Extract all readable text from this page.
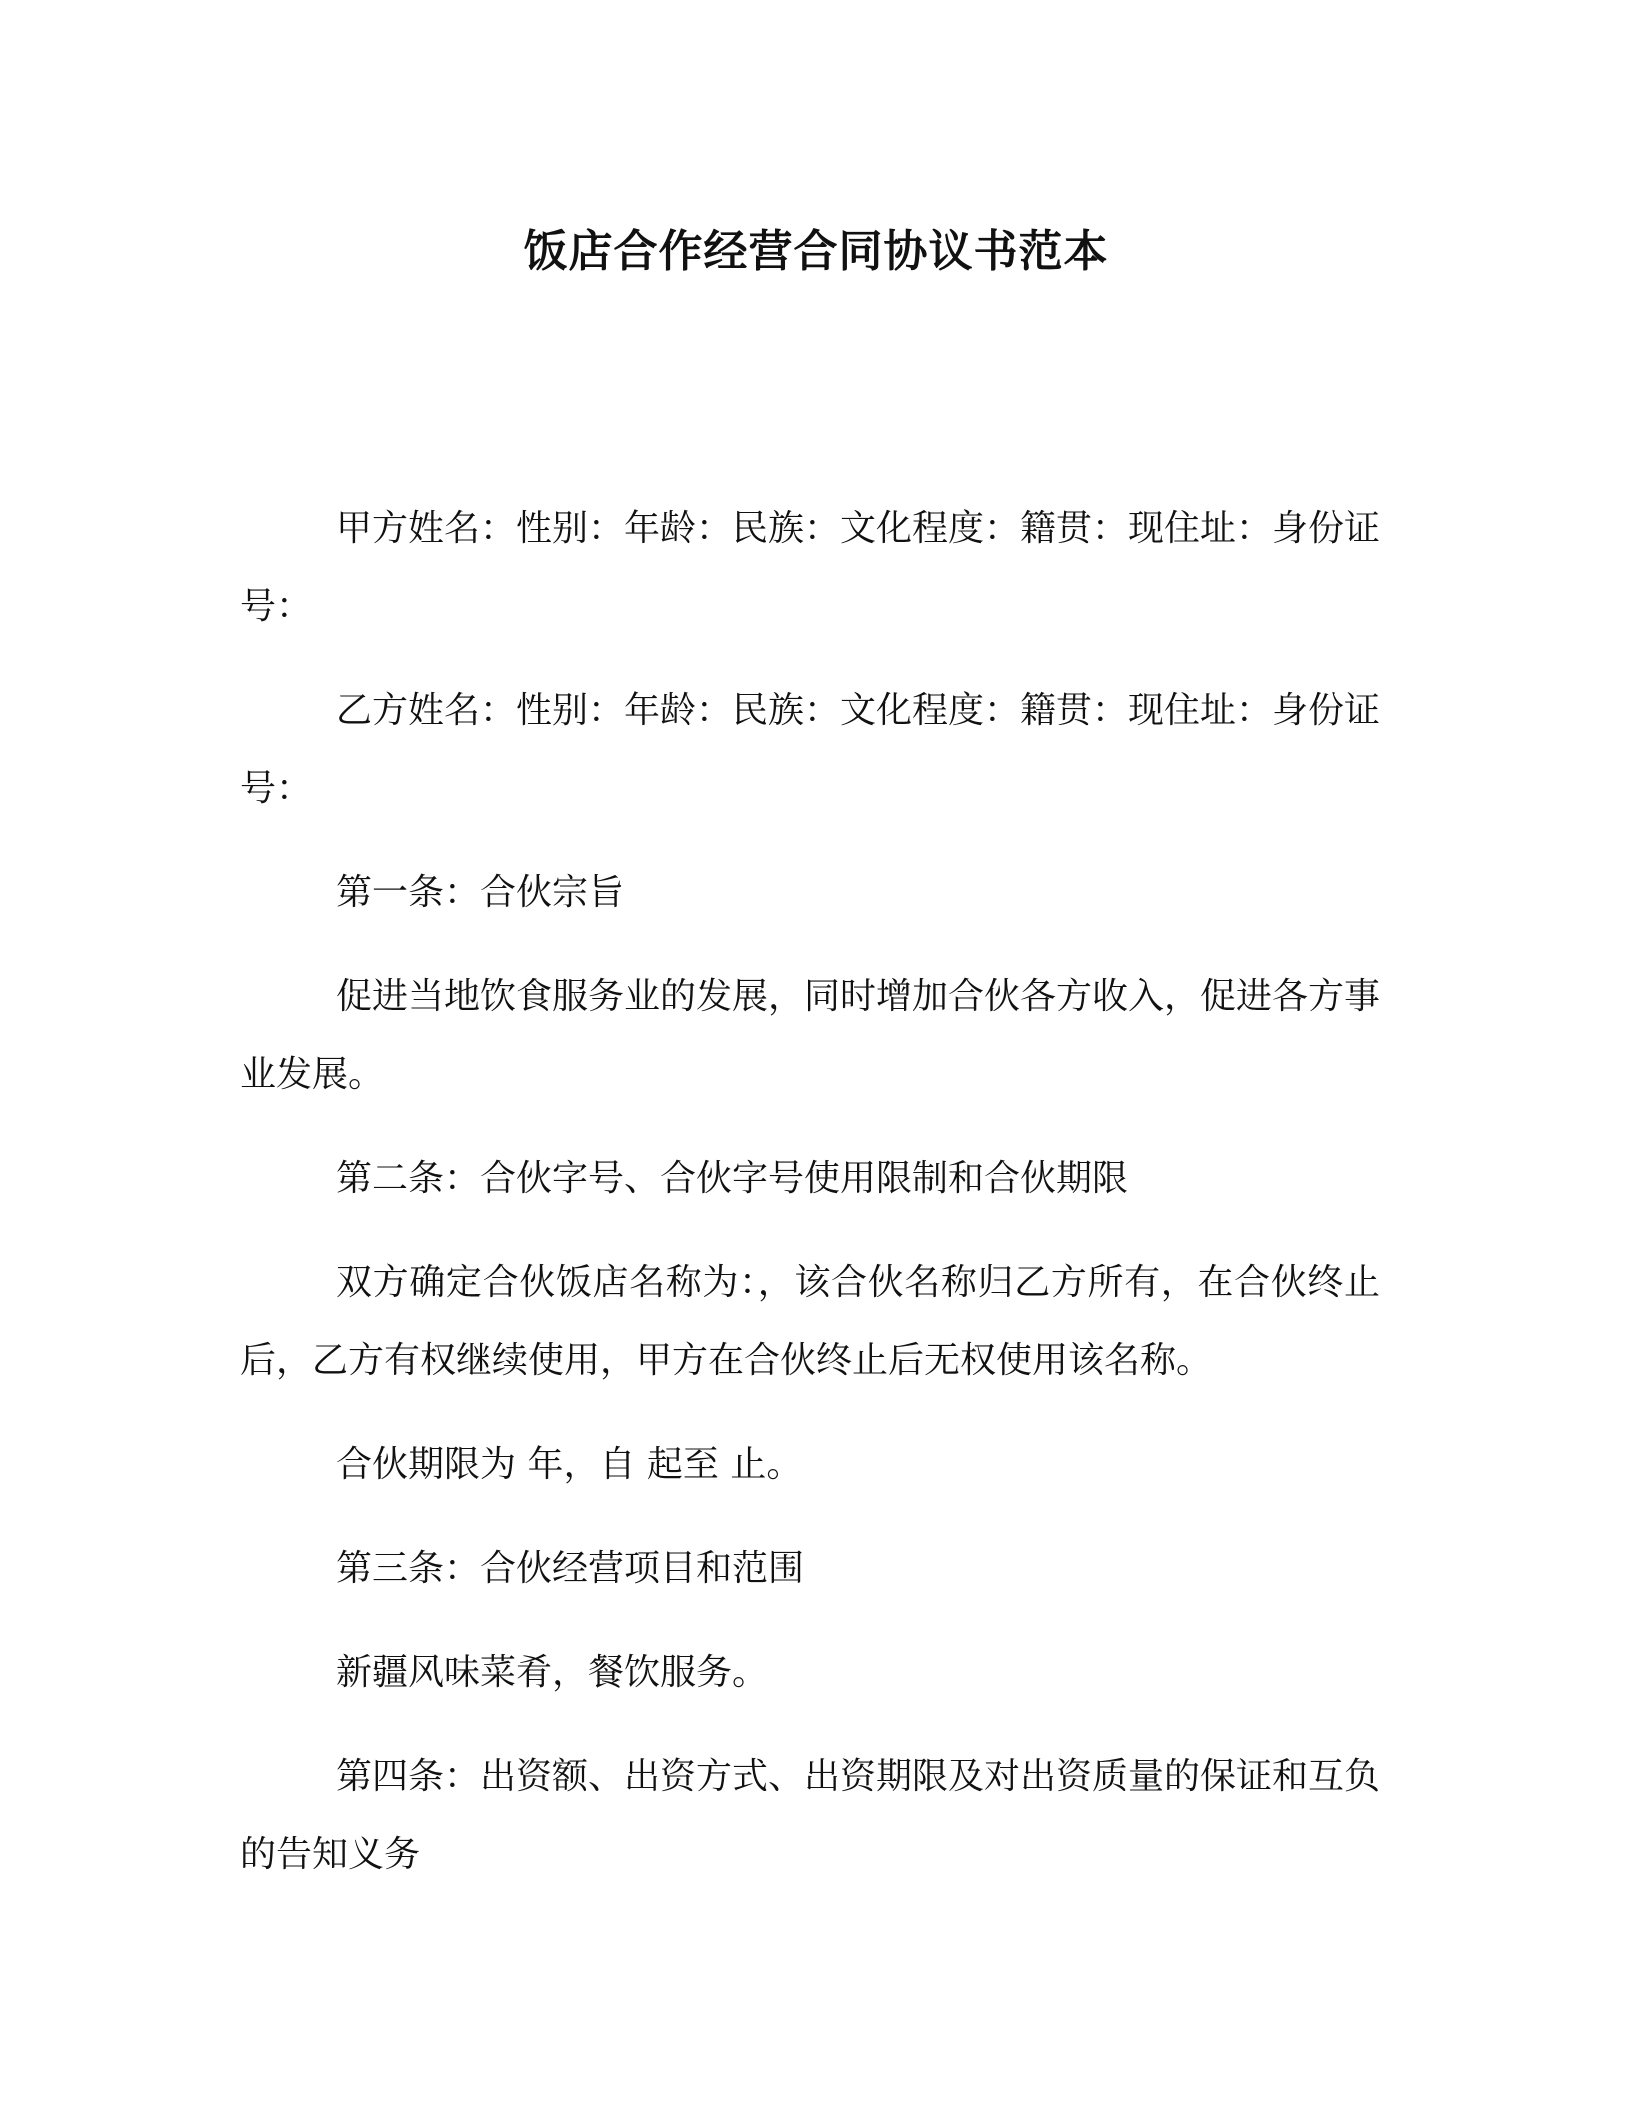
饭店合作经营合同协议书范本

甲方姓名：性别：年龄：民族：文化程度：籍贯：现住址：身份证号：

乙方姓名：性别：年龄：民族：文化程度：籍贯：现住址：身份证号：

第一条：合伙宗旨

促进当地饮食服务业的发展，同时增加合伙各方收入，促进各方事业发展。

第二条：合伙字号、合伙字号使用限制和合伙期限

双方确定合伙饭店名称为：，该合伙名称归乙方所有，在合伙终止后，乙方有权继续使用，甲方在合伙终止后无权使用该名称。

合伙期限为 年，自 起至 止。

第三条：合伙经营项目和范围

新疆风味菜肴，餐饮服务。

第四条：出资额、出资方式、出资期限及对出资质量的保证和互负的告知义务
